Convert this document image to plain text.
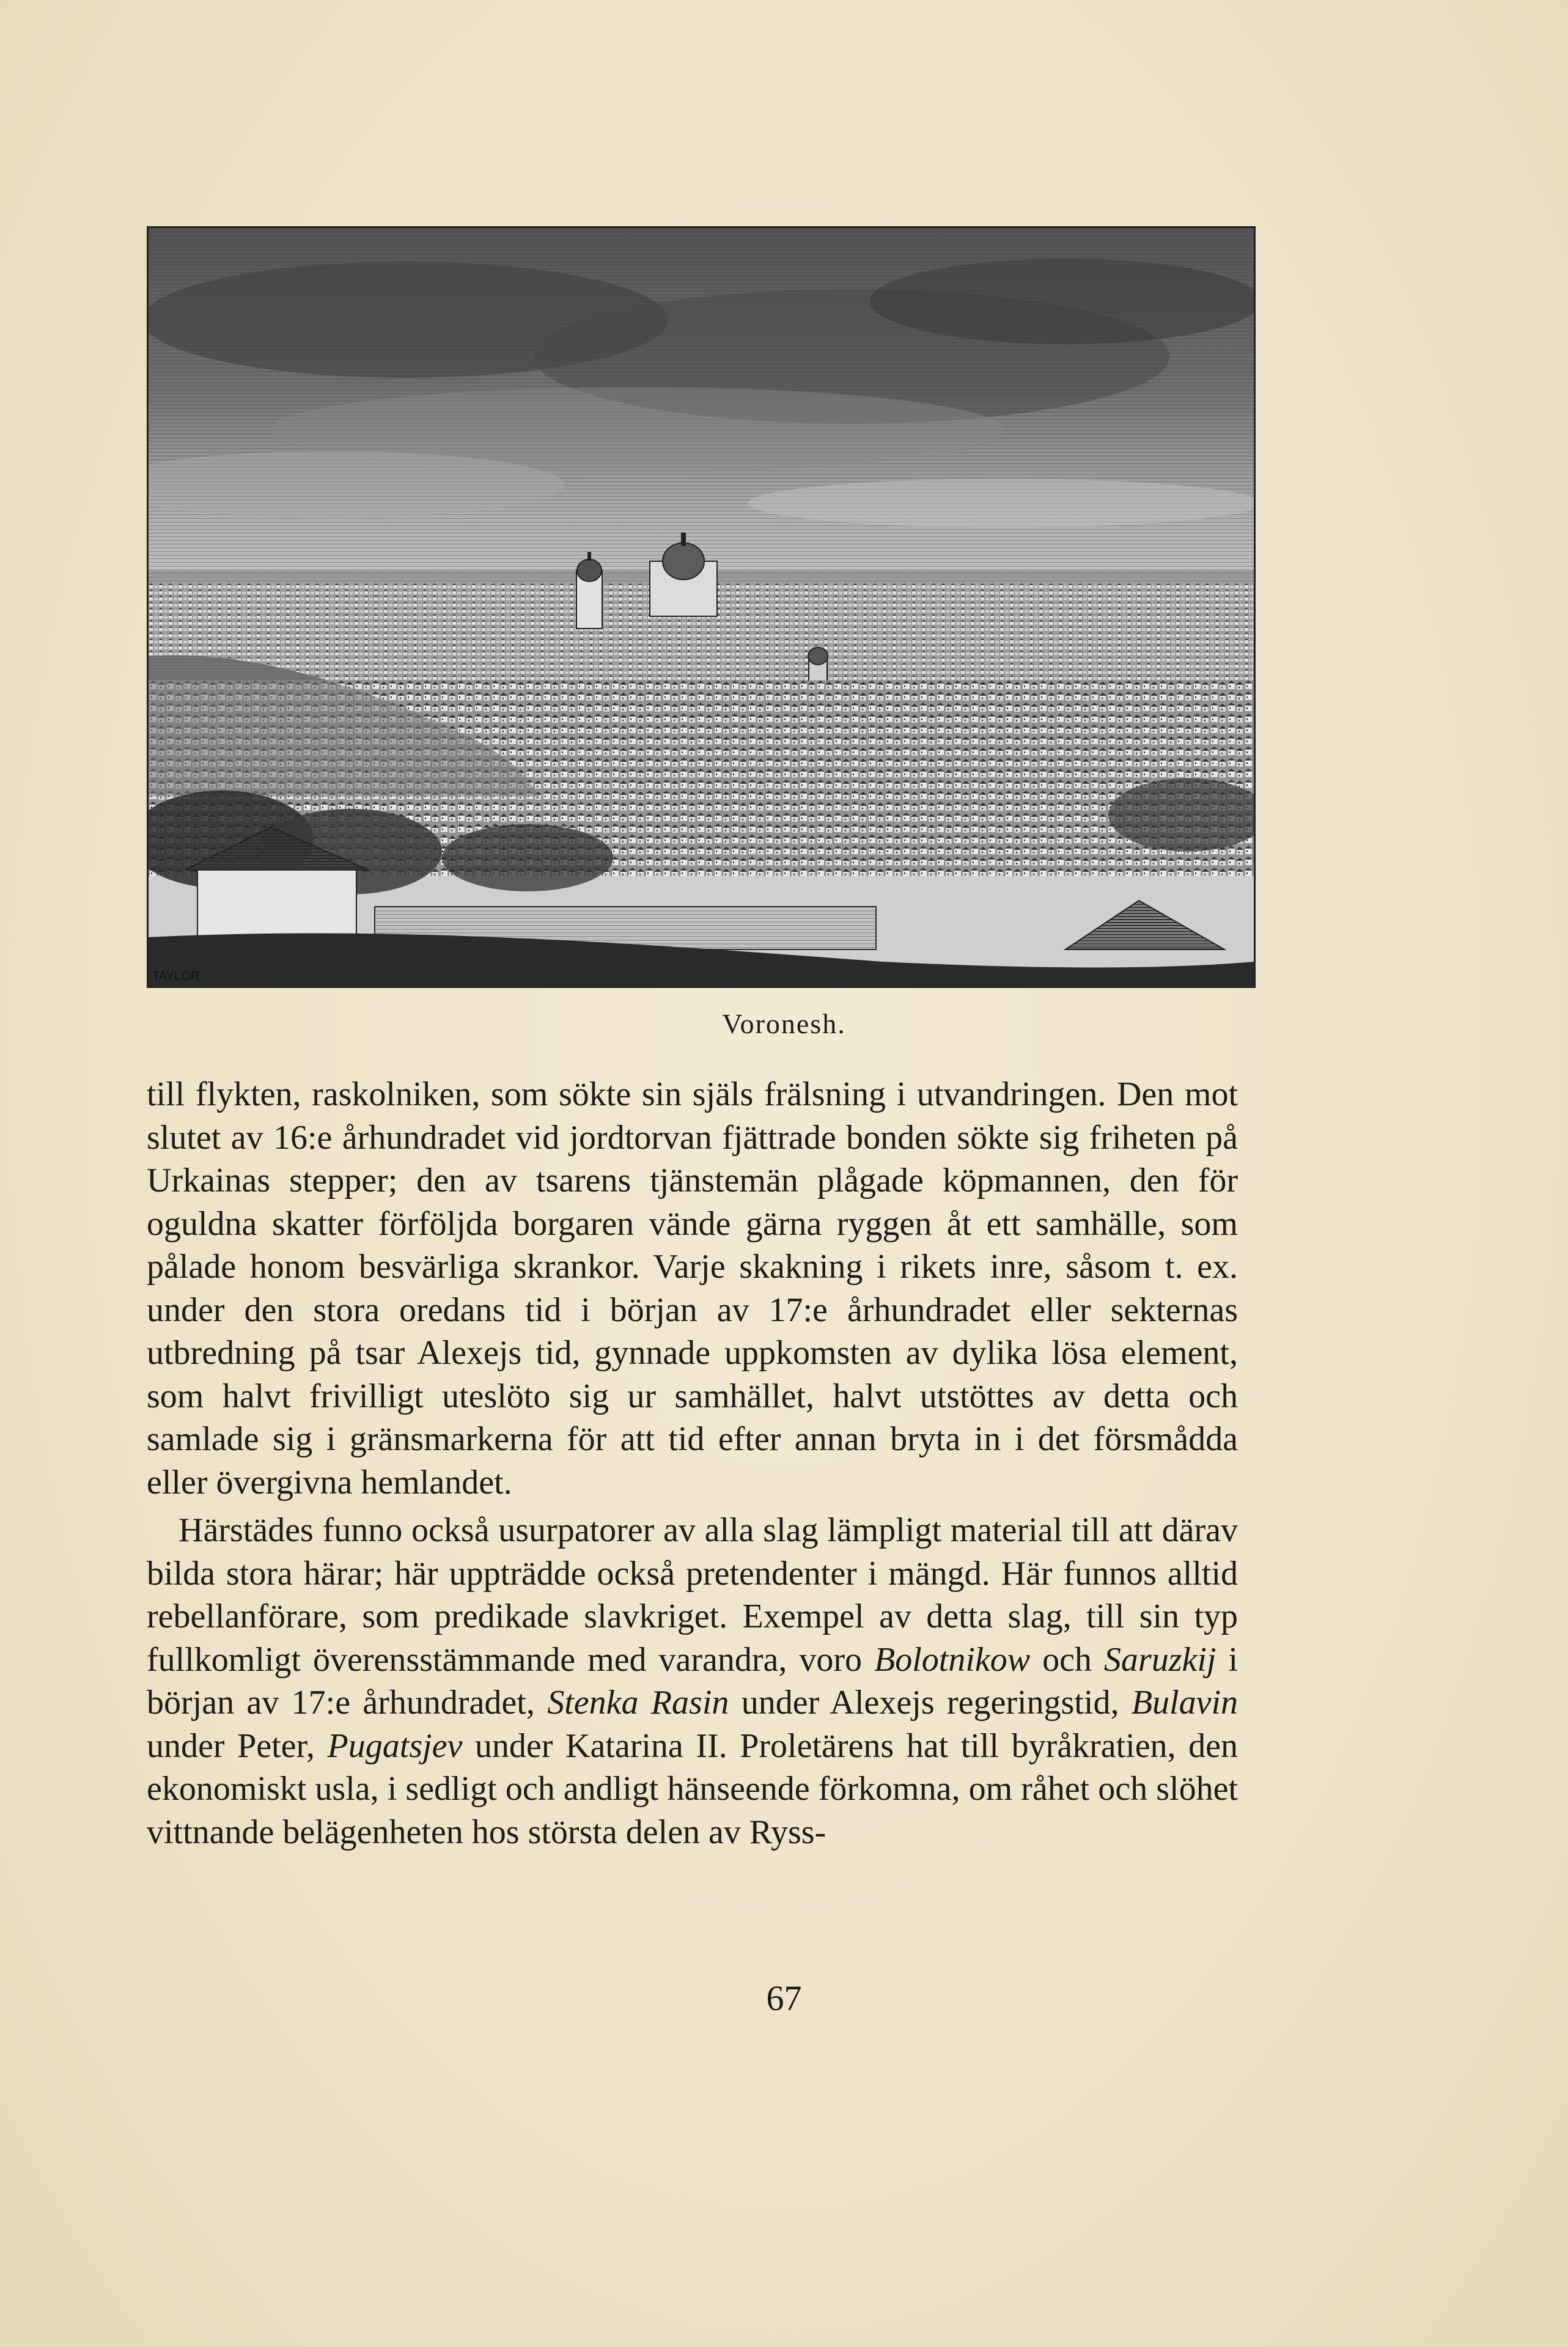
TAYLOR
Voronesh.

till flykten, raskolniken, som sökte sin själs frälsning i utvandringen. Den mot slutet av 16:e århundradet vid jordtorvan fjättrade bonden sökte sig friheten på Urkainas stepper; den av tsarens tjänstemän plågade köpmannen, den för oguldna skatter förföljda borgaren vände gärna ryggen åt ett samhälle, som pålade honom besvärliga skrankor. Varje skakning i rikets inre, såsom t. ex. under den stora oredans tid i början av 17:e århundradet eller sekternas utbredning på tsar Alexejs tid, gynnade uppkomsten av dylika lösa element, som halvt frivilligt uteslöto sig ur samhället, halvt utstöttes av detta och samlade sig i gränsmarkerna för att tid efter annan bryta in i det försmådda eller övergivna hemlandet.

Härstädes funno också usurpatorer av alla slag lämpligt material till att därav bilda stora härar; här uppträdde också pretendenter i mängd. Här funnos alltid rebellanförare, som predikade slavkriget. Exempel av detta slag, till sin typ fullkomligt överensstämmande med varandra, voro Bolotnikow och Saruzkij i början av 17:e århundradet, Stenka Rasin under Alexejs regeringstid, Bulavin under Peter, Pugatsjev under Katarina II. Proletärens hat till byråkratien, den ekonomiskt usla, i sedligt och andligt hänseende förkomna, om råhet och slöhet vittnande belägenheten hos största delen av Ryss-

67
